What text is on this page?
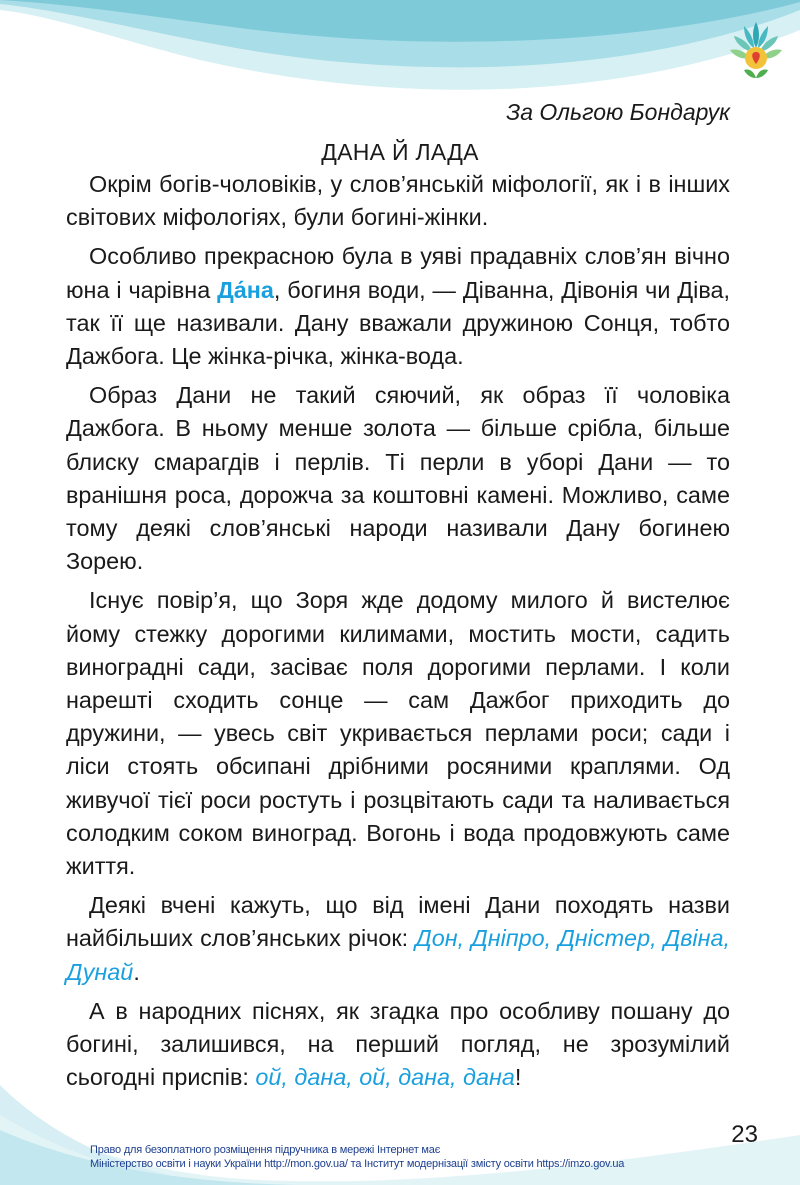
За Ольгою Бондарук
ДАНА Й ЛАДА

Окрім богів-чоловіків, у слов’янській міфології, як і в інших світових міфологіях, були богині-жінки.

Особливо прекрасною була в уяві прадавніх слов’ян вічно юна і чарівна Да́на, богиня води, — Діванна, Дівонія чи Діва, так її ще називали. Дану вважали дружиною Сонця, тобто Дажбога. Це жінка-річка, жінка-вода.

Образ Дани не такий сяючий, як образ її чоловіка Дажбога. В ньому менше золота — більше срібла, більше блиску смарагдів і перлів. Ті перли в уборі Дани — то вранішня роса, дорожча за коштовні камені. Можливо, саме тому деякі слов’янські народи називали Дану богинею Зорею.

Існує повір’я, що Зоря жде додому милого й вистелює йому стежку дорогими килимами, мостить мости, садить виноградні сади, засіває поля дорогими перлами. І коли нарешті сходить сонце — сам Дажбог приходить до дружини, — увесь світ укривається перлами роси; сади і ліси стоять обсипані дрібними росяними краплями. Од живучої тієї роси ростуть і розцвітають сади та наливається солодким соком виноград. Вогонь і вода продовжують саме життя.

Деякі вчені кажуть, що від імені Дани походять назви найбільших слов’янських річок: Дон, Дніпро, Дністер, Двіна, Дунай.

А в народних піснях, як згадка про особливу пошану до богині, залишився, на перший погляд, не зрозумілий сьогодні приспів: ой, дана, ой, дана, дана!

23
Право для безоплатного розміщення підручника в мережі Інтернет має
Міністерство освіти і науки України http://mon.gov.ua/ та Інститут модернізації змісту освіти https://imzo.gov.ua
